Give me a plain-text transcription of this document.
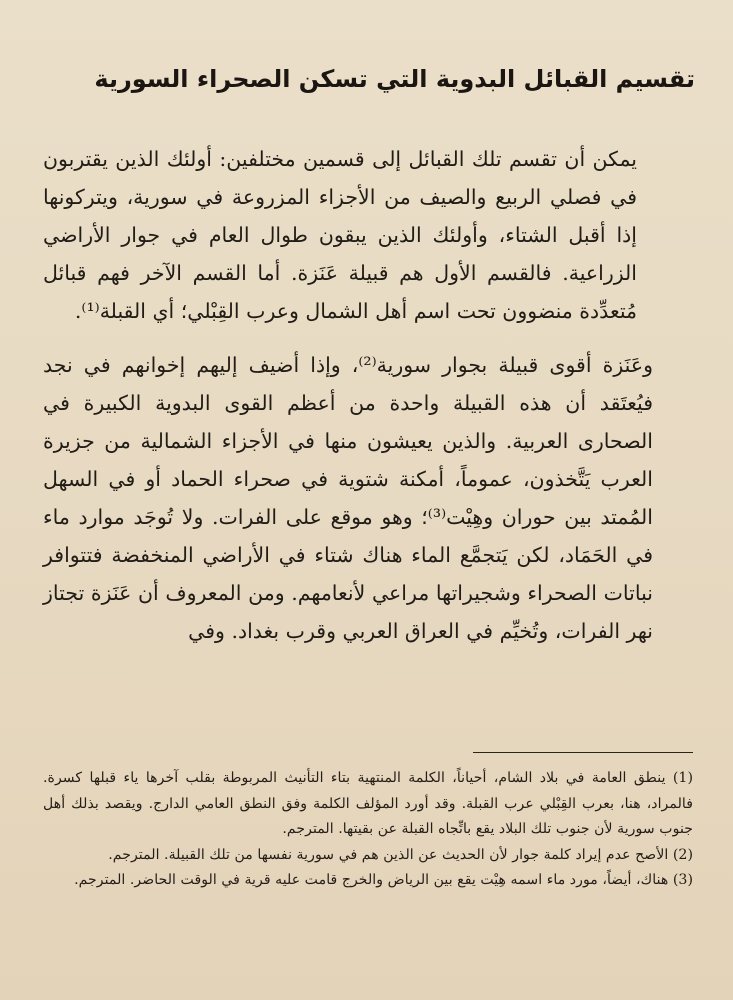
تقسيم القبائل البدوية التي تسكن الصحراء السورية

يمكن أن تقسم تلك القبائل إلى قسمين مختلفين: أولئك الذين يقتربون في فصلي الربيع والصيف من الأجزاء المزروعة في سورية، ويتركونها إذا أقبل الشتاء، وأولئك الذين يبقون طوال العام في جوار الأراضي الزراعية. فالقسم الأول هم قبيلة عَنَزة. أما القسم الآخر فهم قبائل مُتعدِّدة منضوون تحت اسم أهل الشمال وعرب القِبْلي؛ أي القبلة⁽¹⁾.

وعَنَزة أقوى قبيلة بجوار سورية⁽²⁾، وإذا أضيف إليهم إخوانهم في نجد فيُعتَقد أن هذه القبيلة واحدة من أعظم القوى البدوية الكبيرة في الصحارى العربية. والذين يعيشون منها في الأجزاء الشمالية من جزيرة العرب يَتَّخذون، عموماً، أمكنة شتوية في صحراء الحماد أو في السهل المُمتد بين حوران وهِيْت⁽³⁾؛ وهو موقع على الفرات. ولا تُوجَد موارد ماء في الحَمَاد، لكن يَتجمَّع الماء هناك شتاء في الأراضي المنخفضة فتتوافر نباتات الصحراء وشجيراتها مراعي لأنعامهم. ومن المعروف أن عَنَزة تجتاز نهر الفرات، وتُخيِّم في العراق العربي وقرب بغداد. وفي

(1) ينطق العامة في بلاد الشام، أحياناً، الكلمة المنتهية بتاء التأنيث المربوطة بقلب آخرها ياء قبلها كسرة. فالمراد، هنا، بعرب القِبْلي عرب القبلة. وقد أورد المؤلف الكلمة وفق النطق العامي الدارج. ويقصد بذلك أهل جنوب سورية لأن جنوب تلك البلاد يقع باتِّجاه القبلة عن بقيتها. المترجم.

(2) الأصح عدم إيراد كلمة جوار لأن الحديث عن الذين هم في سورية نفسها من تلك القبيلة. المترجم.

(3) هناك، أيضاً، مورد ماء اسمه هِيْت يقع بين الرياض والخرج قامت عليه قرية في الوقت الحاضر. المترجم.
